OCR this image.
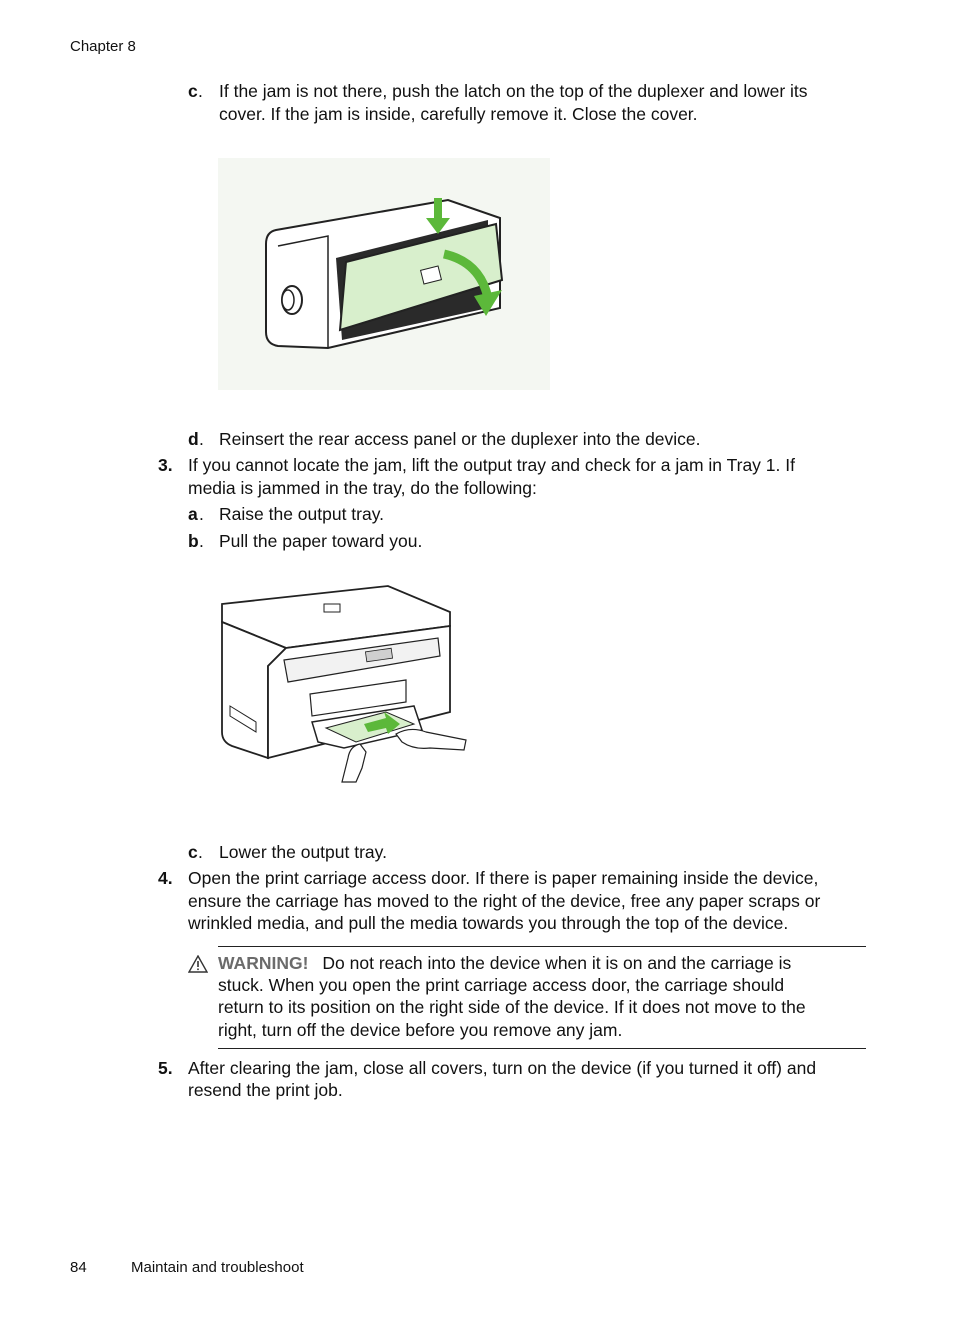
Chapter 8
c . If the jam is not there, push the latch on the top of the duplexer and lower its
cover. If the jam is inside, carefully remove it. Close the cover.
d . Reinsert the rear access panel or the duplexer into the device.
3. If you cannot locate the jam, lift the output tray and check for a jam in Tray 1. If
media is jammed in the tray, do the following:
a . Raise the output tray.
b . Pull the paper toward you.
c . Lower the output tray.
4. Open the print carriage access door. If there is paper remaining inside the device,
ensure the carriage has moved to the right of the device, free any paper scraps or
wrinkled media, and pull the media towards you through the top of the device.
WARNING! Do not reach into the device when it is on and the carriage is
stuck. When you open the print carriage access door, the carriage should
return to its position on the right side of the device. If it does not move to the
right, turn off the device before you remove any jam.
5. After clearing the jam, close all covers, turn on the device (if you turned it off) and
resend the print job.
84	Maintain and troubleshoot
